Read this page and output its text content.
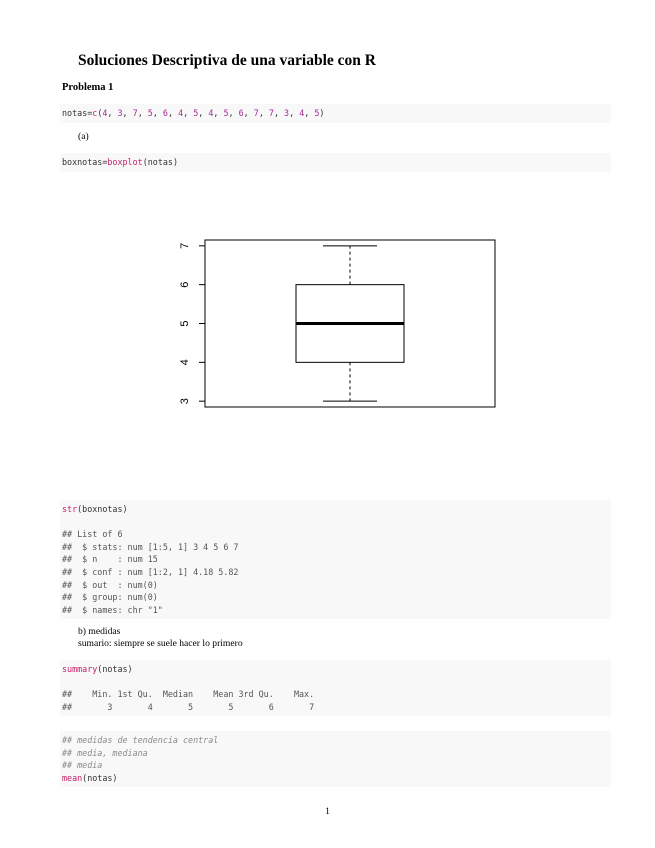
Soluciones Descriptiva de una variable con R
Problema 1
notas=c(4, 3, 7, 5, 6, 4, 5, 4, 5, 6, 7, 7, 3, 4, 5)
(a)
boxnotas=boxplot(notas)
3
4
5
6
7
str(boxnotas)
## List of 6
##  $ stats: num [1:5, 1] 3 4 5 6 7
##  $ n    : num 15
##  $ conf : num [1:2, 1] 4.18 5.82
##  $ out  : num(0)
##  $ group: num(0)
##  $ names: chr "1"
b) medidas
sumario: siempre se suele hacer lo primero
summary(notas)
##    Min. 1st Qu.  Median    Mean 3rd Qu.    Max.
##       3       4       5       5       6       7
## medidas de tendencia central
## media, mediana
## media
mean(notas)
1
